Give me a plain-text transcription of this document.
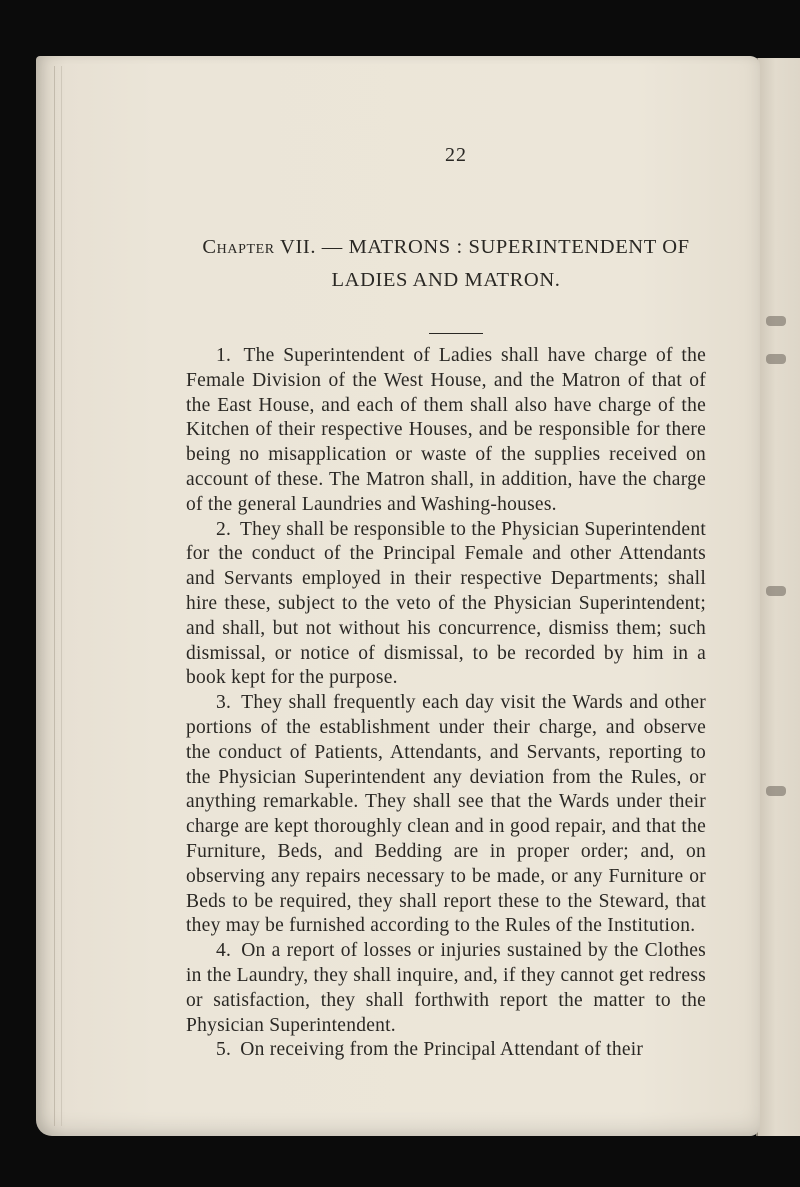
22
Chapter VII. — MATRONS : SUPERINTENDENT OF
LADIES AND MATRON.

1. The Superintendent of Ladies shall have charge of the Female Division of the West House, and the Matron of that of the East House, and each of them shall also have charge of the Kitchen of their respective Houses, and be responsible for there being no misapplication or waste of the supplies received on account of these. The Matron shall, in addition, have the charge of the general Laundries and Washing-houses.

2. They shall be responsible to the Physician Superintendent for the conduct of the Principal Female and other Attendants and Servants employed in their respective Departments; shall hire these, subject to the veto of the Physician Superintendent; and shall, but not without his concurrence, dismiss them; such dismissal, or notice of dismissal, to be recorded by him in a book kept for the purpose.

3. They shall frequently each day visit the Wards and other portions of the establishment under their charge, and observe the conduct of Patients, Attendants, and Servants, reporting to the Physician Superintendent any deviation from the Rules, or anything remarkable. They shall see that the Wards under their charge are kept thoroughly clean and in good repair, and that the Furniture, Beds, and Bedding are in proper order; and, on observing any repairs necessary to be made, or any Furniture or Beds to be required, they shall report these to the Steward, that they may be furnished according to the Rules of the Institution.

4. On a report of losses or injuries sustained by the Clothes in the Laundry, they shall inquire, and, if they cannot get redress or satisfaction, they shall forthwith report the matter to the Physician Superintendent.

5. On receiving from the Principal Attendant of their
